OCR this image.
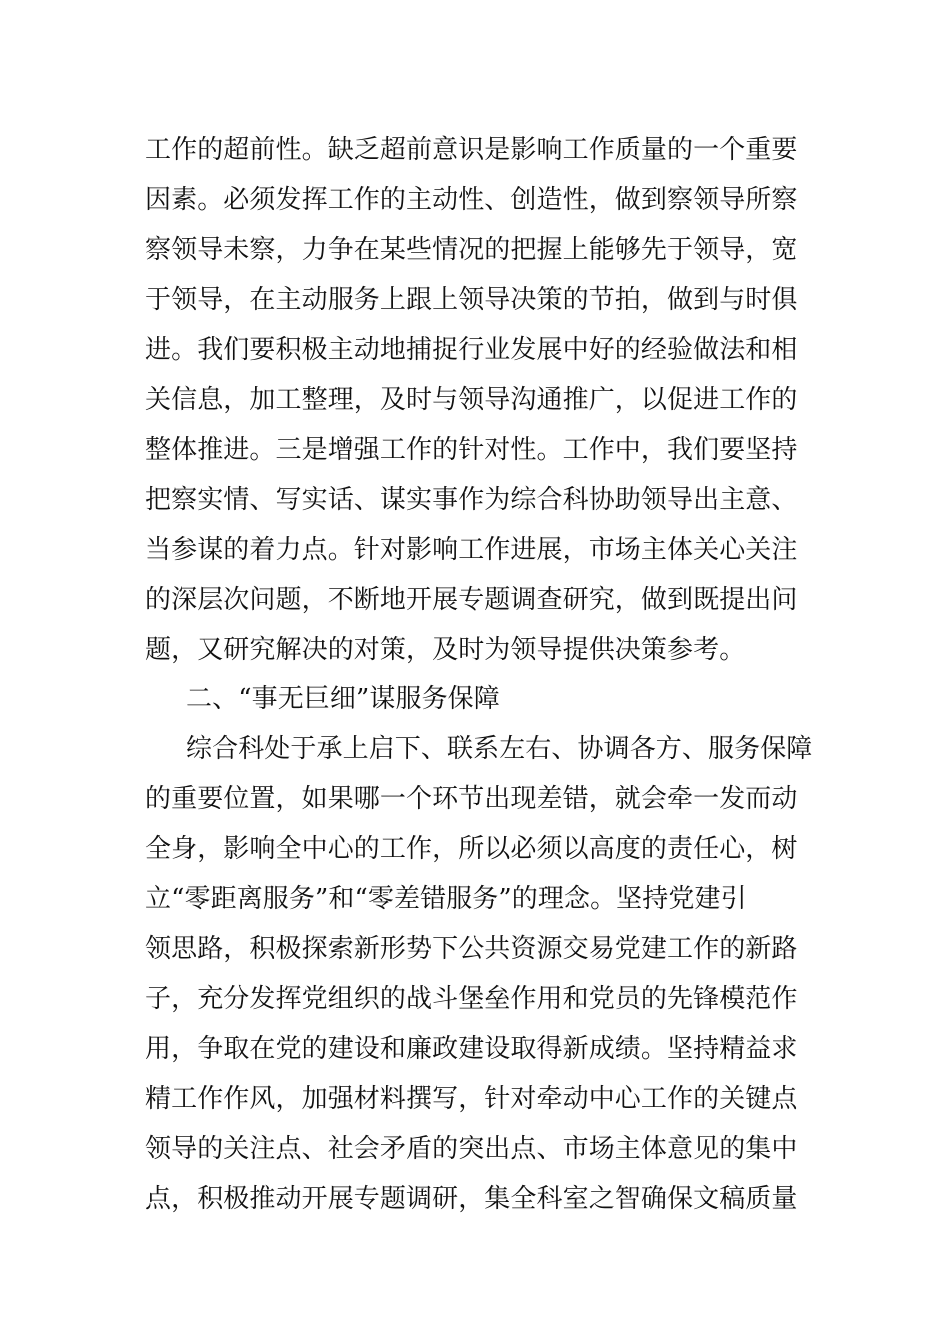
工作的超前性。缺乏超前意识是影响工作质量的一个重要
因素。必须发挥工作的主动性、创造性，做到察领导所察
察领导未察，力争在某些情况的把握上能够先于领导，宽
于领导，在主动服务上跟上领导决策的节拍，做到与时俱
进。我们要积极主动地捕捉行业发展中好的经验做法和相
关信息，加工整理，及时与领导沟通推广，以促进工作的
整体推进。三是增强工作的针对性。工作中，我们要坚持
把察实情、写实话、谋实事作为综合科协助领导出主意、
当参谋的着力点。针对影响工作进展，市场主体关心关注
的深层次问题，不断地开展专题调查研究，做到既提出问
题，又研究解决的对策，及时为领导提供决策参考。
二、“事无巨细”谋服务保障
综合科处于承上启下、联系左右、协调各方、服务保障
的重要位置，如果哪一个环节出现差错，就会牵一发而动
全身，影响全中心的工作，所以必须以高度的责任心，树
立“零距离服务”和“零差错服务”的理念。坚持党建引
领思路，积极探索新形势下公共资源交易党建工作的新路
子，充分发挥党组织的战斗堡垒作用和党员的先锋模范作
用，争取在党的建设和廉政建设取得新成绩。坚持精益求
精工作作风，加强材料撰写，针对牵动中心工作的关键点
领导的关注点、社会矛盾的突出点、市场主体意见的集中
点，积极推动开展专题调研，集全科室之智确保文稿质量
